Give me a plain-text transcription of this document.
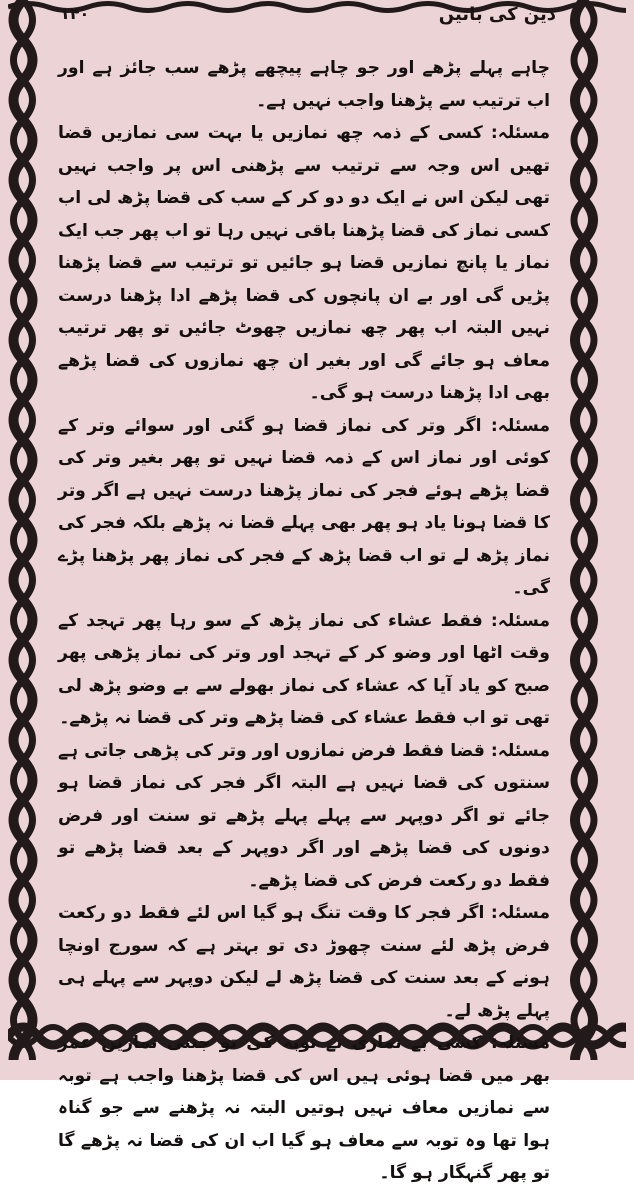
دین کی باتیں
۱۴۰

چاہے پہلے پڑھے اور جو چاہے پیچھے پڑھے سب جائز ہے اور اب ترتیب سے پڑھنا واجب نہیں ہے۔

مسئلہ: کسی کے ذمہ چھ نمازیں یا بہت سی نمازیں قضا تھیں اس وجہ سے ترتیب سے پڑھنی اس پر واجب نہیں تھی لیکن اس نے ایک دو دو کر کے سب کی قضا پڑھ لی اب کسی نماز کی قضا پڑھنا باقی نہیں رہا تو اب پھر جب ایک نماز یا پانچ نمازیں قضا ہو جائیں تو ترتیب سے قضا پڑھنا پڑیں گی اور بے ان پانچوں کی قضا پڑھے ادا پڑھنا درست نہیں البتہ اب پھر چھ نمازیں چھوٹ جائیں تو پھر ترتیب معاف ہو جائے گی اور بغیر ان چھ نمازوں کی قضا پڑھے بھی ادا پڑھنا درست ہو گی۔

مسئلہ: اگر وتر کی نماز قضا ہو گئی اور سوائے وتر کے کوئی اور نماز اس کے ذمہ قضا نہیں تو پھر بغیر وتر کی قضا پڑھے ہوئے فجر کی نماز پڑھنا درست نہیں ہے اگر وتر کا قضا ہونا یاد ہو پھر بھی پہلے قضا نہ پڑھے بلکہ فجر کی نماز پڑھ لے تو اب قضا پڑھ کے فجر کی نماز پھر پڑھنا پڑے گی۔

مسئلہ: فقط عشاء کی نماز پڑھ کے سو رہا پھر تہجد کے وقت اٹھا اور وضو کر کے تہجد اور وتر کی نماز پڑھی پھر صبح کو یاد آیا کہ عشاء کی نماز بھولے سے بے وضو پڑھ لی تھی تو اب فقط عشاء کی قضا پڑھے وتر کی قضا نہ پڑھے۔

مسئلہ: قضا فقط فرض نمازوں اور وتر کی پڑھی جاتی ہے سنتوں کی قضا نہیں ہے البتہ اگر فجر کی نماز قضا ہو جائے تو اگر دوپہر سے پہلے پہلے پڑھے تو سنت اور فرض دونوں کی قضا پڑھے اور اگر دوپہر کے بعد قضا پڑھے تو فقط دو رکعت فرض کی قضا پڑھے۔

مسئلہ: اگر فجر کا وقت تنگ ہو گیا اس لئے فقط دو رکعت فرض پڑھ لئے سنت چھوڑ دی تو بہتر ہے کہ سورج اونچا ہونے کے بعد سنت کی قضا پڑھ لے لیکن دوپہر سے پہلے ہی پہلے پڑھ لے۔

مسئلہ: کسی بے نمازی نے توبہ کی تو جتنی نمازیں عمر بھر میں قضا ہوئی ہیں اس کی قضا پڑھنا واجب ہے توبہ سے نمازیں معاف نہیں ہوتیں البتہ نہ پڑھنے سے جو گناہ ہوا تھا وہ توبہ سے معاف ہو گیا اب ان کی قضا نہ پڑھے گا تو پھر گنہگار ہو گا۔
